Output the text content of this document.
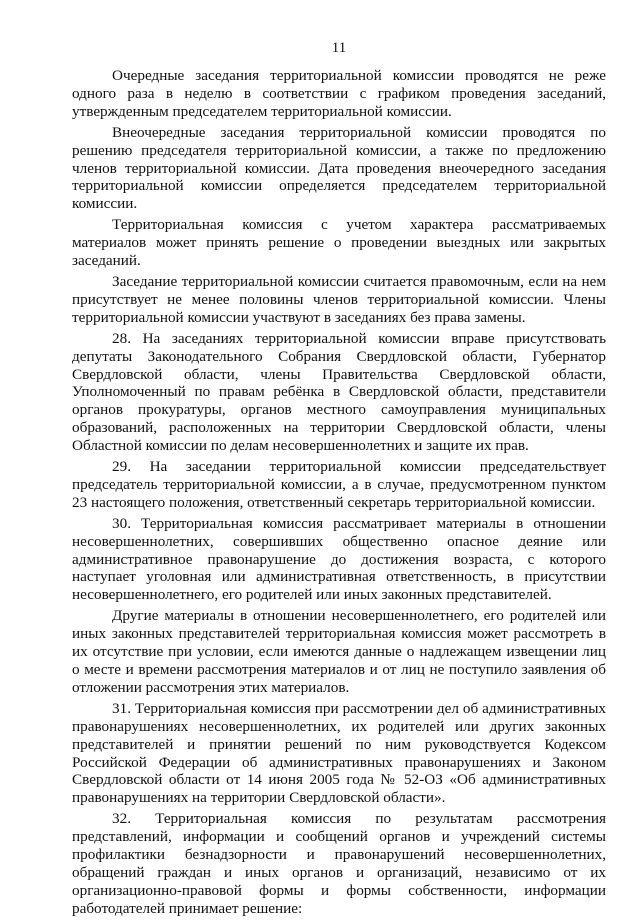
11

Очередные заседания территориальной комиссии проводятся не реже одного раза в неделю в соответствии с графиком проведения заседаний, утвержденным председателем территориальной комиссии.

Внеочередные заседания территориальной комиссии проводятся по решению председателя территориальной комиссии, а также по предложению членов территориальной комиссии. Дата проведения внеочередного заседания территориальной комиссии определяется председателем территориальной комиссии.

Территориальная комиссия с учетом характера рассматриваемых материалов может принять решение о проведении выездных или закрытых заседаний.

Заседание территориальной комиссии считается правомочным, если на нем присутствует не менее половины членов территориальной комиссии. Члены территориальной комиссии участвуют в заседаниях без права замены.

28. На заседаниях территориальной комиссии вправе присутствовать депутаты Законодательного Собрания Свердловской области, Губернатор Свердловской области, члены Правительства Свердловской области, Уполномоченный по правам ребёнка в Свердловской области, представители органов прокуратуры, органов местного самоуправления муниципальных образований, расположенных на территории Свердловской области, члены Областной комиссии по делам несовершеннолетних и защите их прав.

29. На заседании территориальной комиссии председательствует председатель территориальной комиссии, а в случае, предусмотренном пунктом 23 настоящего положения, ответственный секретарь территориальной комиссии.

30. Территориальная комиссия рассматривает материалы в отношении несовершеннолетних, совершивших общественно опасное деяние или административное правонарушение до достижения возраста, с которого наступает уголовная или административная ответственность, в присутствии несовершеннолетнего, его родителей или иных законных представителей.

Другие материалы в отношении несовершеннолетнего, его родителей или иных законных представителей территориальная комиссия может рассмотреть в их отсутствие при условии, если имеются данные о надлежащем извещении лиц о месте и времени рассмотрения материалов и от лиц не поступило заявления об отложении рассмотрения этих материалов.

31. Территориальная комиссия при рассмотрении дел об административных правонарушениях несовершеннолетних, их родителей или других законных представителей и принятии решений по ним руководствуется Кодексом Российской Федерации об административных правонарушениях и Законом Свердловской области от 14 июня 2005 года № 52-ОЗ «Об административных правонарушениях на территории Свердловской области».

32. Территориальная комиссия по результатам рассмотрения представлений, информации и сообщений органов и учреждений системы профилактики безнадзорности и правонарушений несовершеннолетних, обращений граждан и иных органов и организаций, независимо от их организационно-правовой формы и формы собственности, информации работодателей принимает решение:
